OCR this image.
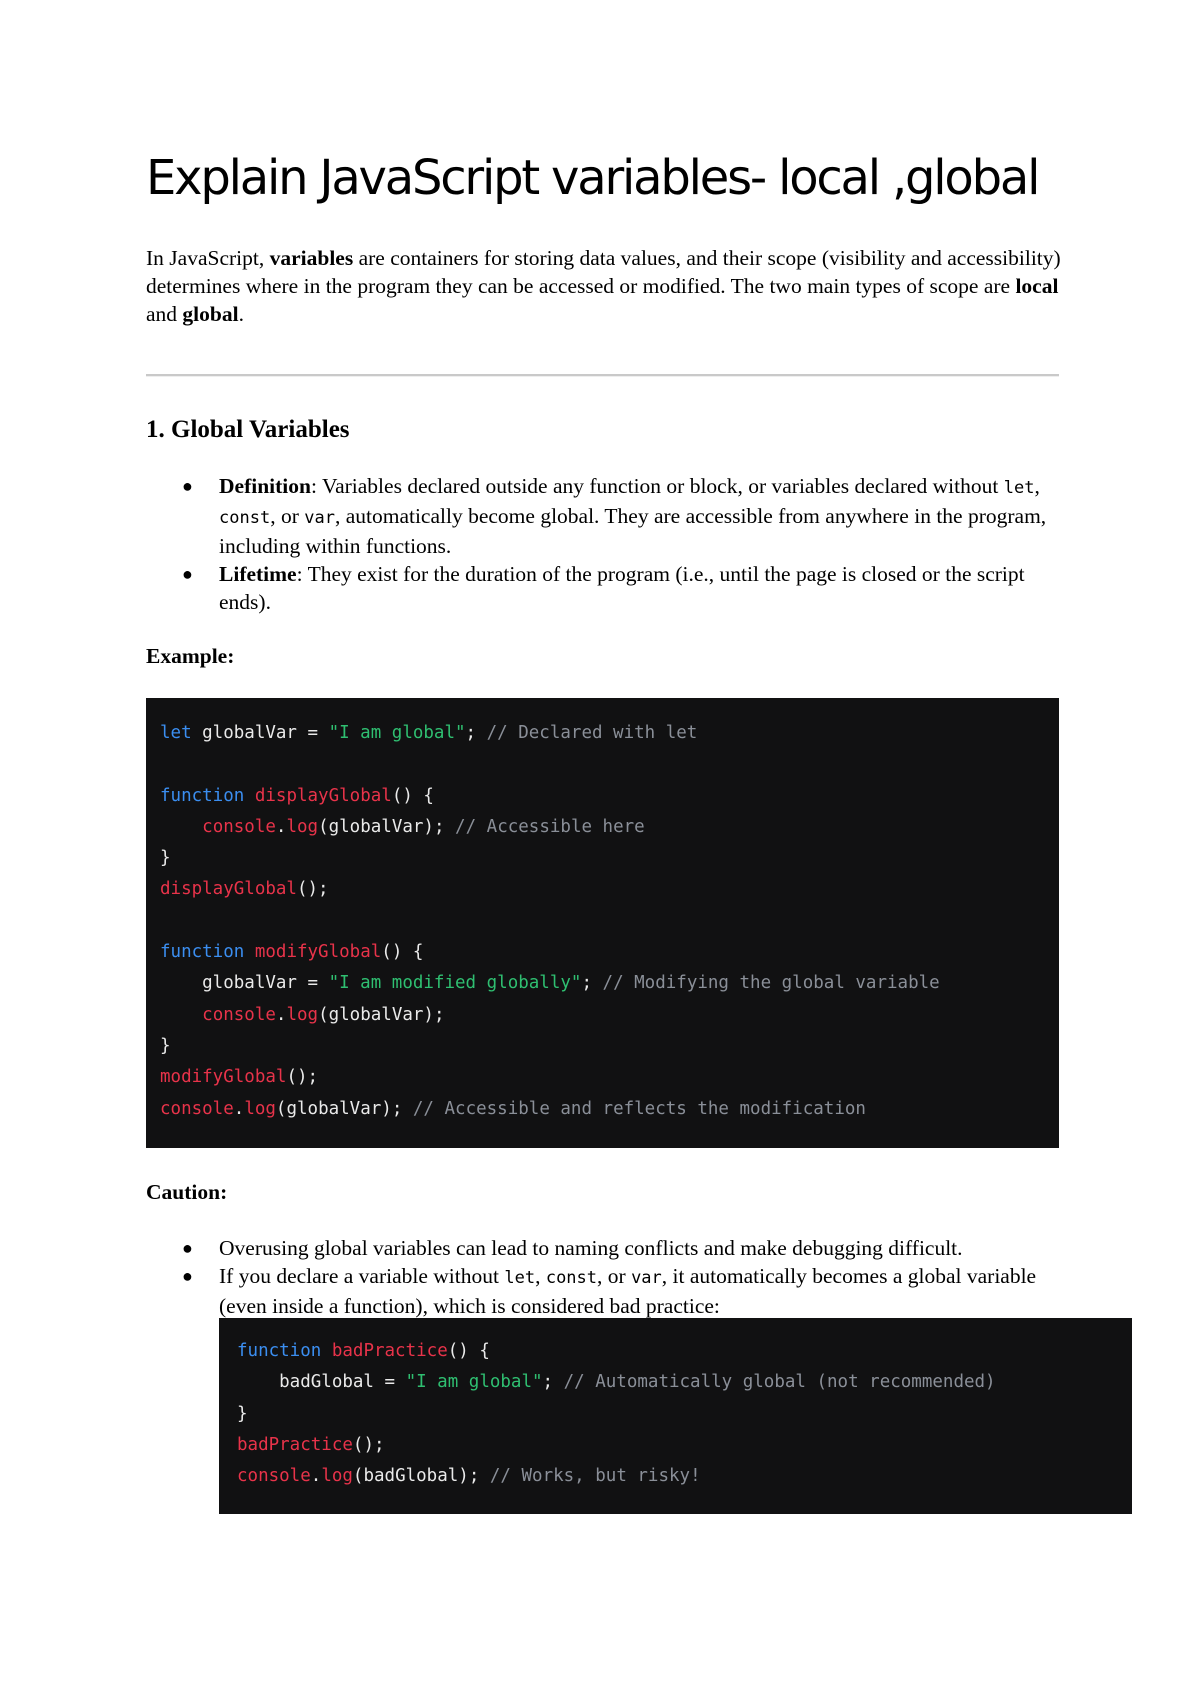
Explain JavaScript variables- local ,global

In JavaScript, variables are containers for storing data values, and their scope (visibility and accessibility) determines where in the program they can be accessed or modified. The two main types of scope are local and global.

1. Global Variables
● Definition: Variables declared outside any function or block, or variables declared without let, const, or var, automatically become global. They are accessible from anywhere in the program, including within functions.
● Lifetime: They exist for the duration of the program (i.e., until the page is closed or the script ends).

Example:

let globalVar = "I am global"; // Declared with let
function displayGlobal() {
console.log(globalVar); // Accessible here
}
displayGlobal();
function modifyGlobal() {
globalVar = "I am modified globally"; // Modifying the global variable
console.log(globalVar);
}
modifyGlobal();
console.log(globalVar); // Accessible and reflects the modification

Caution:

● Overusing global variables can lead to naming conflicts and make debugging difficult.
● If you declare a variable without let, const, or var, it automatically becomes a global variable (even inside a function), which is considered bad practice:
function badPractice() {
badGlobal = "I am global"; // Automatically global (not recommended)
}
badPractice();
console.log(badGlobal); // Works, but risky!
